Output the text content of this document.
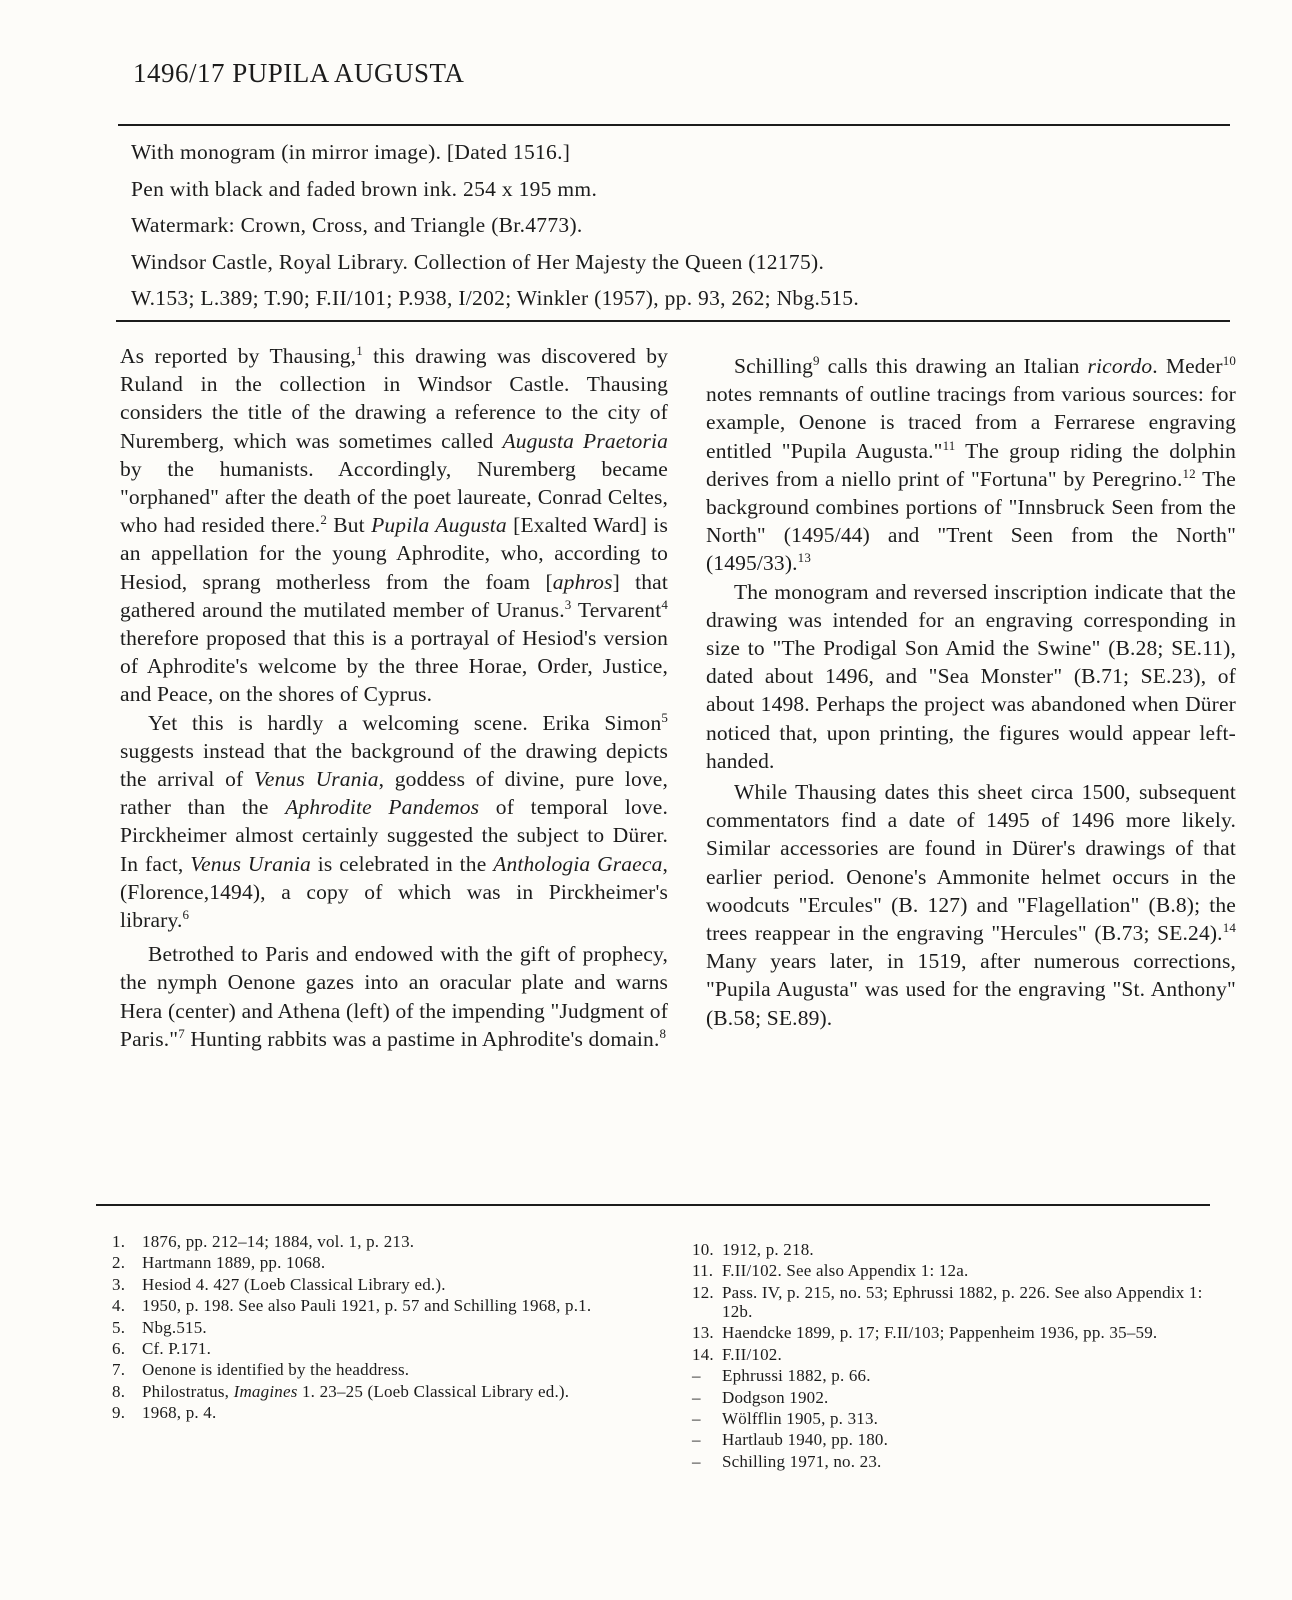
1496/17 PUPILA AUGUSTA
With monogram (in mirror image). [Dated 1516.]
Pen with black and faded brown ink. 254 x 195 mm.
Watermark: Crown, Cross, and Triangle (Br.4773).
Windsor Castle, Royal Library. Collection of Her Majesty the Queen (12175).
W.153; L.389; T.90; F.II/101; P.938, I/202; Winkler (1957), pp. 93, 262; Nbg.515.

As reported by Thausing,$^1$ this drawing was discovered by Ruland in the collection in Windsor Castle. Thausing considers the title of the drawing a reference to the city of Nuremberg, which was sometimes called Augusta Praetoria by the humanists. Accordingly, Nuremberg became "orphaned" after the death of the poet laureate, Conrad Celtes, who had resided there.$^2$ But Pupila Augusta [Exalted Ward] is an appellation for the young Aphrodite, who, according to Hesiod, sprang motherless from the foam [aphros] that gathered around the mutilated member of Uranus.$^3$ Tervarent$^4$ therefore proposed that this is a portrayal of Hesiod's version of Aphrodite's welcome by the three Horae, Order, Justice, and Peace, on the shores of Cyprus.

Yet this is hardly a welcoming scene. Erika Simon$^5$ suggests instead that the background of the drawing depicts the arrival of Venus Urania, goddess of divine, pure love, rather than the Aphrodite Pandemos of temporal love. Pirckheimer almost certainly suggested the subject to Dürer. In fact, Venus Urania is celebrated in the Anthologia Graeca, (Florence,1494), a copy of which was in Pirckheimer's library.$^6$

Betrothed to Paris and endowed with the gift of prophecy, the nymph Oenone gazes into an oracular plate and warns Hera (center) and Athena (left) of the impending "Judgment of Paris."$^7$ Hunting rabbits was a pastime in Aphrodite's domain.$^8$

Schilling$^9$ calls this drawing an Italian ricordo. Meder$^{10}$ notes remnants of outline tracings from various sources: for example, Oenone is traced from a Ferrarese engraving entitled "Pupila Augusta."$^{11}$ The group riding the dolphin derives from a niello print of "Fortuna" by Peregrino.$^{12}$ The background combines portions of "Innsbruck Seen from the North" (1495/44) and "Trent Seen from the North" (1495/33).$^{13}$

The monogram and reversed inscription indicate that the drawing was intended for an engraving corresponding in size to "The Prodigal Son Amid the Swine" (B.28; SE.11), dated about 1496, and "Sea Monster" (B.71; SE.23), of about 1498. Perhaps the project was abandoned when Dürer noticed that, upon printing, the figures would appear left-handed.

While Thausing dates this sheet circa 1500, subsequent commentators find a date of 1495 of 1496 more likely. Similar accessories are found in Dürer's drawings of that earlier period. Oenone's Ammonite helmet occurs in the woodcuts "Ercules" (B. 127) and "Flagellation" (B.8); the trees reappear in the engraving "Hercules" (B.73; SE.24).$^{14}$ Many years later, in 1519, after numerous corrections, "Pupila Augusta" was used for the engraving "St. Anthony" (B.58; SE.89).

1. 1876, pp. 212–14; 1884, vol. 1, p. 213.
2. Hartmann 1889, pp. 1068.
3. Hesiod 4. 427 (Loeb Classical Library ed.).
4. 1950, p. 198. See also Pauli 1921, p. 57 and Schilling 1968, p.1.
5. Nbg.515.
6. Cf. P.171.
7. Oenone is identified by the headdress.
8. Philostratus, Imagines 1. 23–25 (Loeb Classical Library ed.).
9. 1968, p. 4.
10. 1912, p. 218.
11. F.II/102. See also Appendix 1: 12a.
12. Pass. IV, p. 215, no. 53; Ephrussi 1882, p. 226. See also Appendix 1: 12b.
13. Haendcke 1899, p. 17; F.II/103; Pappenheim 1936, pp. 35–59.
14. F.II/102.
–	Ephrussi 1882, p. 66.
–	Dodgson 1902.
–	Wölfflin 1905, p. 313.
–	Hartlaub 1940, pp. 180.
–	Schilling 1971, no. 23.
